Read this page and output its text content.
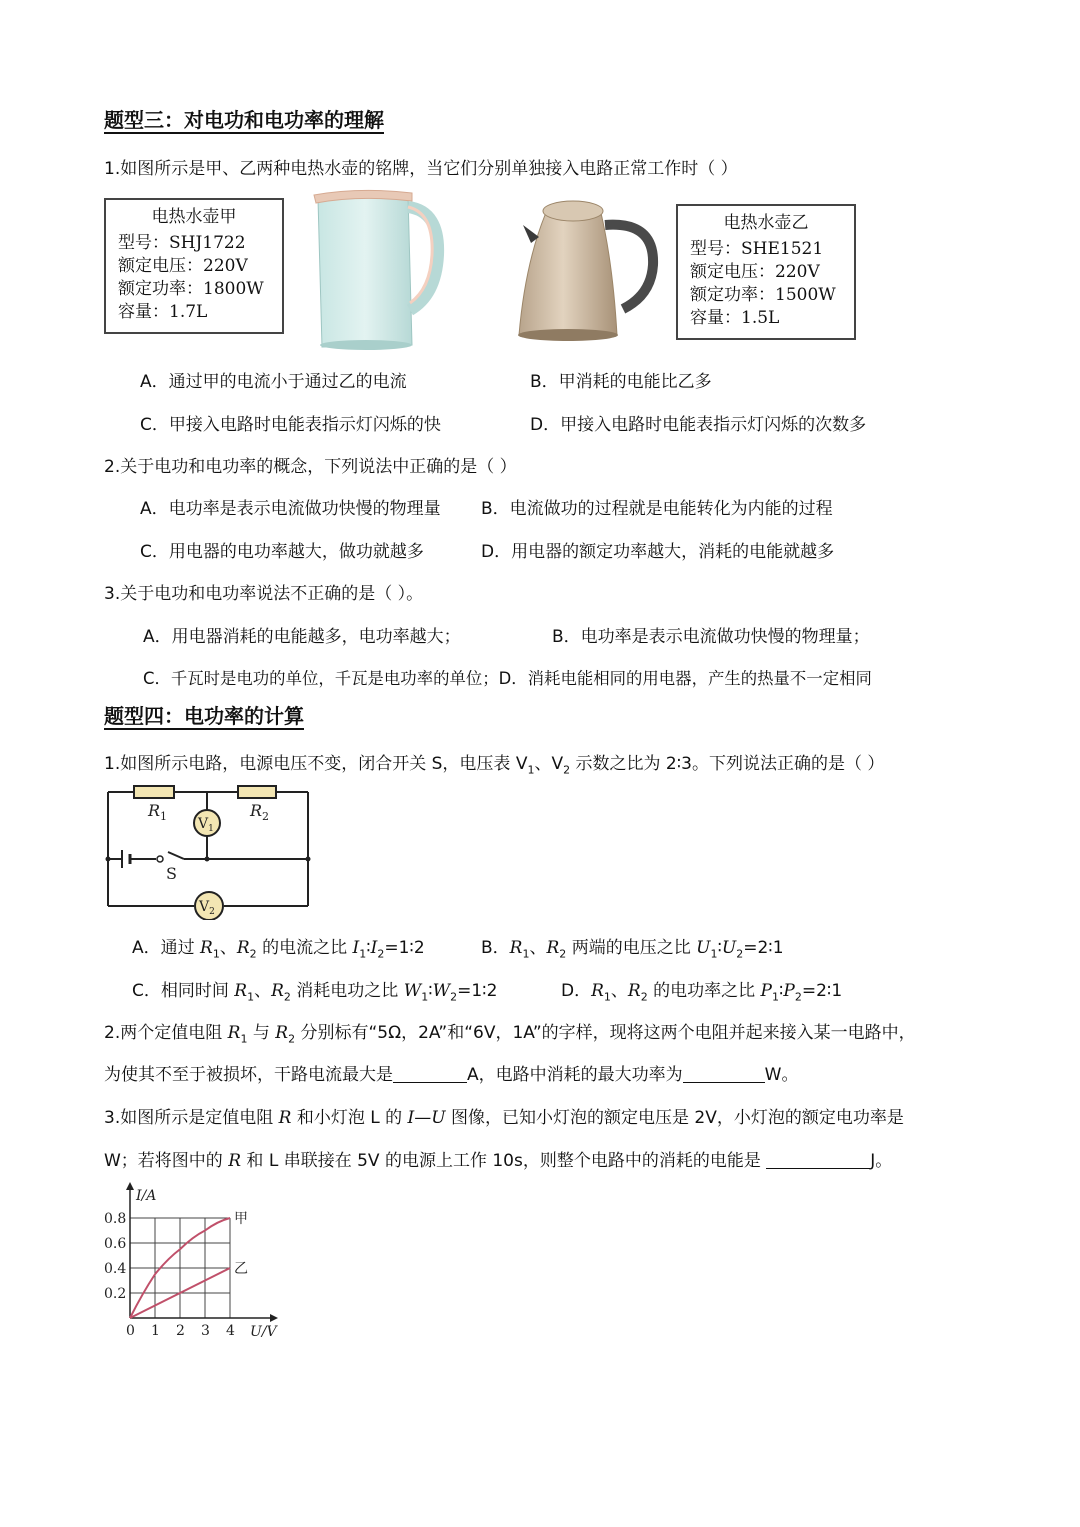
题型三：对电功和电功率的理解
1.如图所示是甲、乙两种电热水壶的铭牌，当它们分别单独接入电路正常工作时（ ）
电热水壶甲
型号：SHJ1722
额定电压：220V
额定功率：1800W
容量：1.7L
电热水壶乙
型号：SHE1521
额定电压：220V
额定功率：1500W
容量：1.5L
A．通过甲的电流小于通过乙的电流	B．甲消耗的电能比乙多
C．甲接入电路时电能表指示灯闪烁的快	D．甲接入电路时电能表指示灯闪烁的次数多
2.关于电功和电功率的概念，下列说法中正确的是（ ）
A．电功率是表示电流做功快慢的物理量 B．电流做功的过程就是电能转化为内能的过程
C．用电器的电功率越大，做功就越多	D．用电器的额定功率越大，消耗的电能就越多
3.关于电功和电功率说法不正确的是（ ）。
A．用电器消耗的电能越多，电功率越大；	B．电功率是表示电流做功快慢的物理量；
C．千瓦时是电功的单位，千瓦是电功率的单位；D．消耗电能相同的用电器，产生的热量不一定相同
题型四：电功率的计算
1.如图所示电路，电源电压不变，闭合开关 S，电压表 $V_1$、$V_2$ 示数之比为 2∶3。下列说法正确的是（ ）
$R_1$	$R_2$
$V_1$
$V_2$
S
A．通过 $R_1$、$R_2$ 的电流之比 $I_1∶I_2=1∶2$	B．$R_1$、$R_2$ 两端的电压之比 $U_1∶U_2=2∶1$
C．相同时间 $R_1$、$R_2$ 消耗电功之比 $W_1∶W_2=1∶2$	D．$R_1$、$R_2$ 的电功率之比 $P_1∶P_2=2∶1$
2.两个定值电阻 $R_1$ 与 $R_2$ 分别标有“5Ω，2A”和“6V，1A”的字样，现将这两个电阻并起来接入某一电路中，
为使其不至于被损坏，干路电流最大是	A，电路中消耗的最大功率为	W。
3.如图所示是定值电阻 R 和小灯泡 L 的 I—U 图像，已知小灯泡的额定电压是 2V，小灯泡的额定电功率是
W；若将图中的 R 和 L 串联接在 5V 的电源上工作 10s，则整个电路中的消耗的电能是	J。
0 1 2 3 4
0.2
0.4
0.6
0.8
U/V
I/A
甲
乙
